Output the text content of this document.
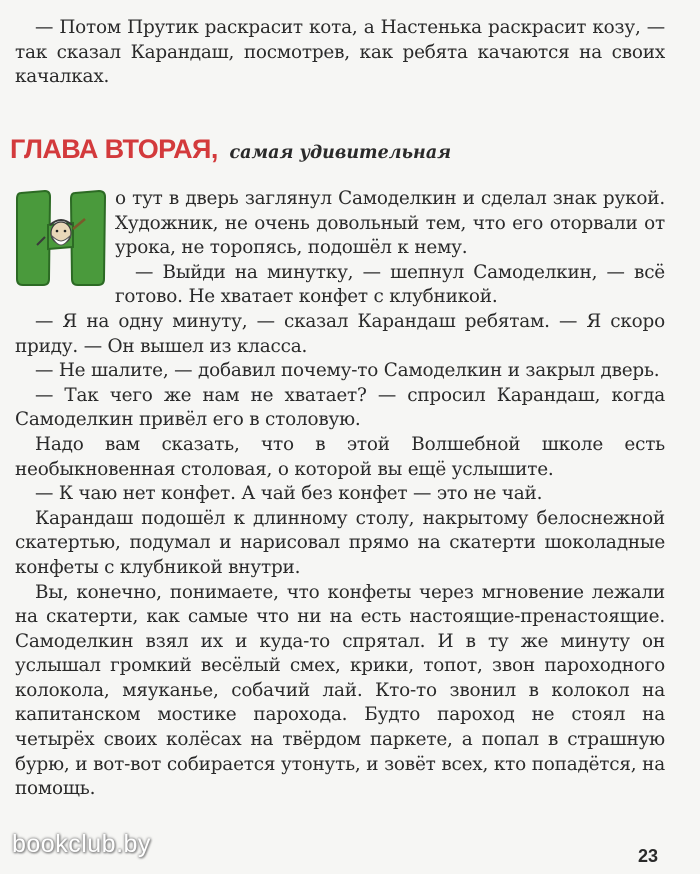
— Потом Прутик раскрасит кота, а Настенька раскрасит козу, — так сказал Карандаш, посмотрев, как ребята качаются на своих качалках.

ГЛАВА ВТОРАЯ, самая удивительная

о тут в дверь заглянул Самоделкин и сделал знак рукой. Художник, не очень довольный тем, что его оторвали от урока, не торопясь, подошёл к нему.

— Выйди на минутку, — шепнул Самоделкин, — всё готово. Не хватает конфет с клубникой.

— Я на одну минуту, — сказал Карандаш ребятам. — Я скоро приду. — Он вышел из класса.

— Не шалите, — добавил почему-то Самоделкин и закрыл дверь.

— Так чего же нам не хватает? — спросил Карандаш, когда Самоделкин привёл его в столовую.

Надо вам сказать, что в этой Волшебной школе есть необыкновенная столовая, о которой вы ещё услышите.

— К чаю нет конфет. А чай без конфет — это не чай.

Карандаш подошёл к длинному столу, накрытому белоснежной скатертью, подумал и нарисовал прямо на скатерти шоколадные конфеты с клубникой внутри.

Вы, конечно, понимаете, что конфеты через мгновение лежали на скатерти, как самые что ни на есть настоящие-пренастоящие. Самоделкин взял их и куда-то спрятал. И в ту же минуту он услышал громкий весёлый смех, крики, топот, звон пароходного колокола, мяуканье, собачий лай. Кто-то звонил в колокол на капитанском мостике парохода. Будто пароход не стоял на четырёх своих колёсах на твёрдом паркете, а попал в страшную бурю, и вот-вот собирается утонуть, и зовёт всех, кто попадётся, на помощь.

bookclub.by	23
